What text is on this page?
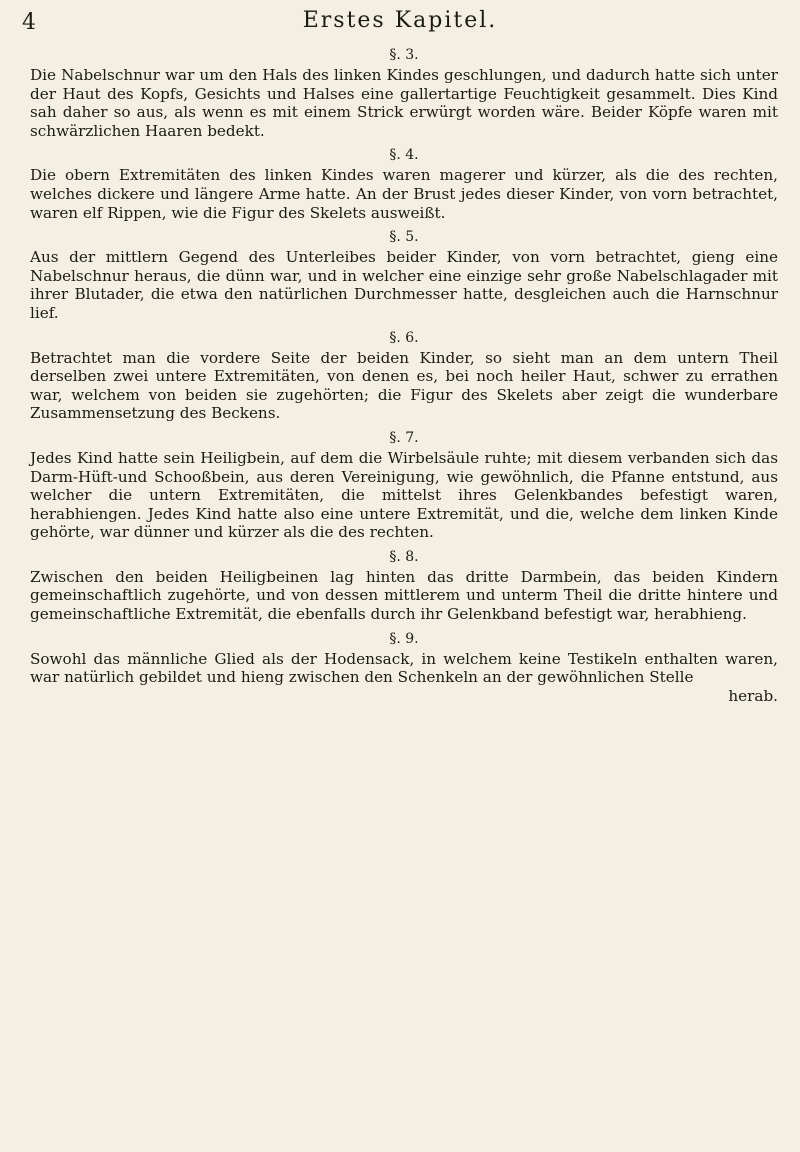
4	Erstes Kapitel.
§. 3.

Die Nabelschnur war um den Hals des linken Kindes geschlungen, und dadurch hatte sich unter der Haut des Kopfs, Gesichts und Halses eine gallertartige Feuchtigkeit gesammelt. Dies Kind sah daher so aus, als wenn es mit einem Strick erwürgt worden wäre. Beider Köpfe waren mit schwärzlichen Haaren bedekt.

§. 4.

Die obern Extremitäten des linken Kindes waren magerer und kürzer, als die des rechten, welches dickere und längere Arme hatte. An der Brust jedes dieser Kinder, von vorn betrachtet, waren elf Rippen, wie die Figur des Skelets ausweißt.

§. 5.

Aus der mittlern Gegend des Unterleibes beider Kinder, von vorn betrachtet, gieng eine Nabelschnur heraus, die dünn war, und in welcher eine einzige sehr große Nabelschlagader mit ihrer Blutader, die etwa den natürlichen Durchmesser hatte, desgleichen auch die Harnschnur lief.

§. 6.

Betrachtet man die vordere Seite der beiden Kinder, so sieht man an dem untern Theil derselben zwei untere Extremitäten, von denen es, bei noch heiler Haut, schwer zu errathen war, welchem von beiden sie zugehörten; die Figur des Skelets aber zeigt die wunderbare Zusammensetzung des Beckens.

§. 7.

Jedes Kind hatte sein Heiligbein, auf dem die Wirbelsäule ruhte; mit diesem verbanden sich das Darm-Hüft-und Schooßbein, aus deren Vereinigung, wie gewöhnlich, die Pfanne entstund, aus welcher die untern Extremitäten, die mittelst ihres Gelenkbandes befestigt waren, herabhiengen. Jedes Kind hatte also eine untere Extremität, und die, welche dem linken Kinde gehörte, war dünner und kürzer als die des rechten.

§. 8.

Zwischen den beiden Heiligbeinen lag hinten das dritte Darmbein, das beiden Kindern gemeinschaftlich zugehörte, und von dessen mittlerem und unterm Theil die dritte hintere und gemeinschaftliche Extremität, die ebenfalls durch ihr Gelenkband befestigt war, herabhieng.

§. 9.

Sowohl das männliche Glied als der Hodensack, in welchem keine Testikeln enthalten waren, war natürlich gebildet und hieng zwischen den Schenkeln an der gewöhnlichen Stelle

herab.
